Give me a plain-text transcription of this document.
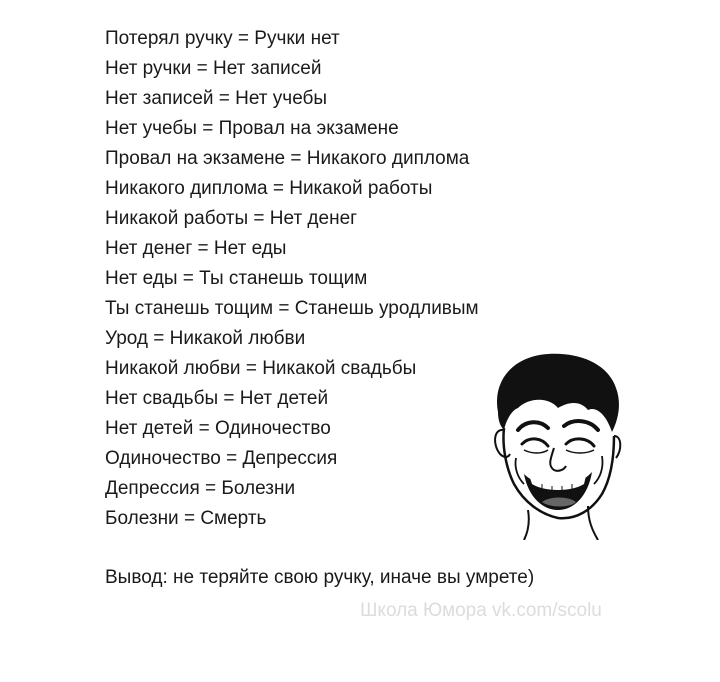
Потерял ручку = Ручки нет
Нет ручки = Нет записей
Нет записей = Нет учебы
Нет учебы = Провал на экзамене
Провал на экзамене = Никакого диплома
Никакого диплома = Никакой работы
Никакой работы = Нет денег
Нет денег = Нет еды
Нет еды = Ты станешь тощим
Ты станешь тощим = Станешь уродливым
Урод = Никакой любви
Никакой любви = Никакой свадьбы
Нет свадьбы = Нет детей
Нет детей = Одиночество
Одиночество = Депрессия
Депрессия = Болезни
Болезни = Смерть
Вывод: не теряйте свою ручку, иначе вы умрете)
Школа Юмора vk.com/scolu
